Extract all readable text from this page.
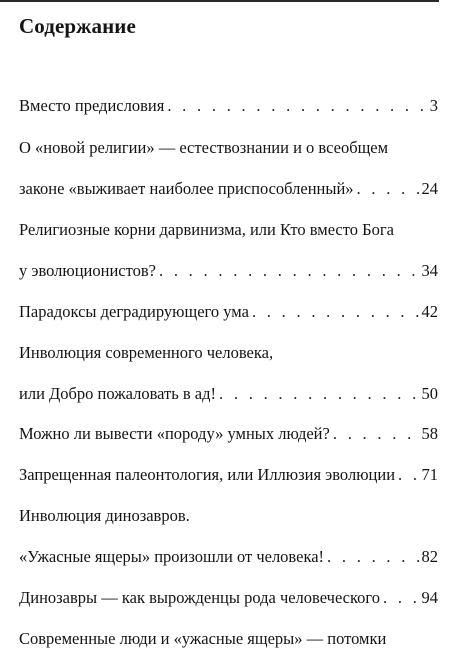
Содержание
Вместо предисловия . . .	3
О «новой религии» — естествознании и о всеобщем
законе «выживает наиболее приспособленный» . . .	24
Религиозные корни дарвинизма, или Кто вместо Бога
у эволюционистов? . . .	34
Парадоксы деградирующего ума . . .	42
Инволюция современного человека,
или Добро пожаловать в ад! . . .	50
Можно ли вывести «породу» умных людей? . . .	58
Запрещенная палеонтология, или Иллюзия эволюции . . . 71
Инволюция динозавров.
«Ужасные ящеры» произошли от человека! . . .	82
Динозавры — как вырожденцы рода человеческого . . .	94
Современные люди и «ужасные ящеры» — потомки
